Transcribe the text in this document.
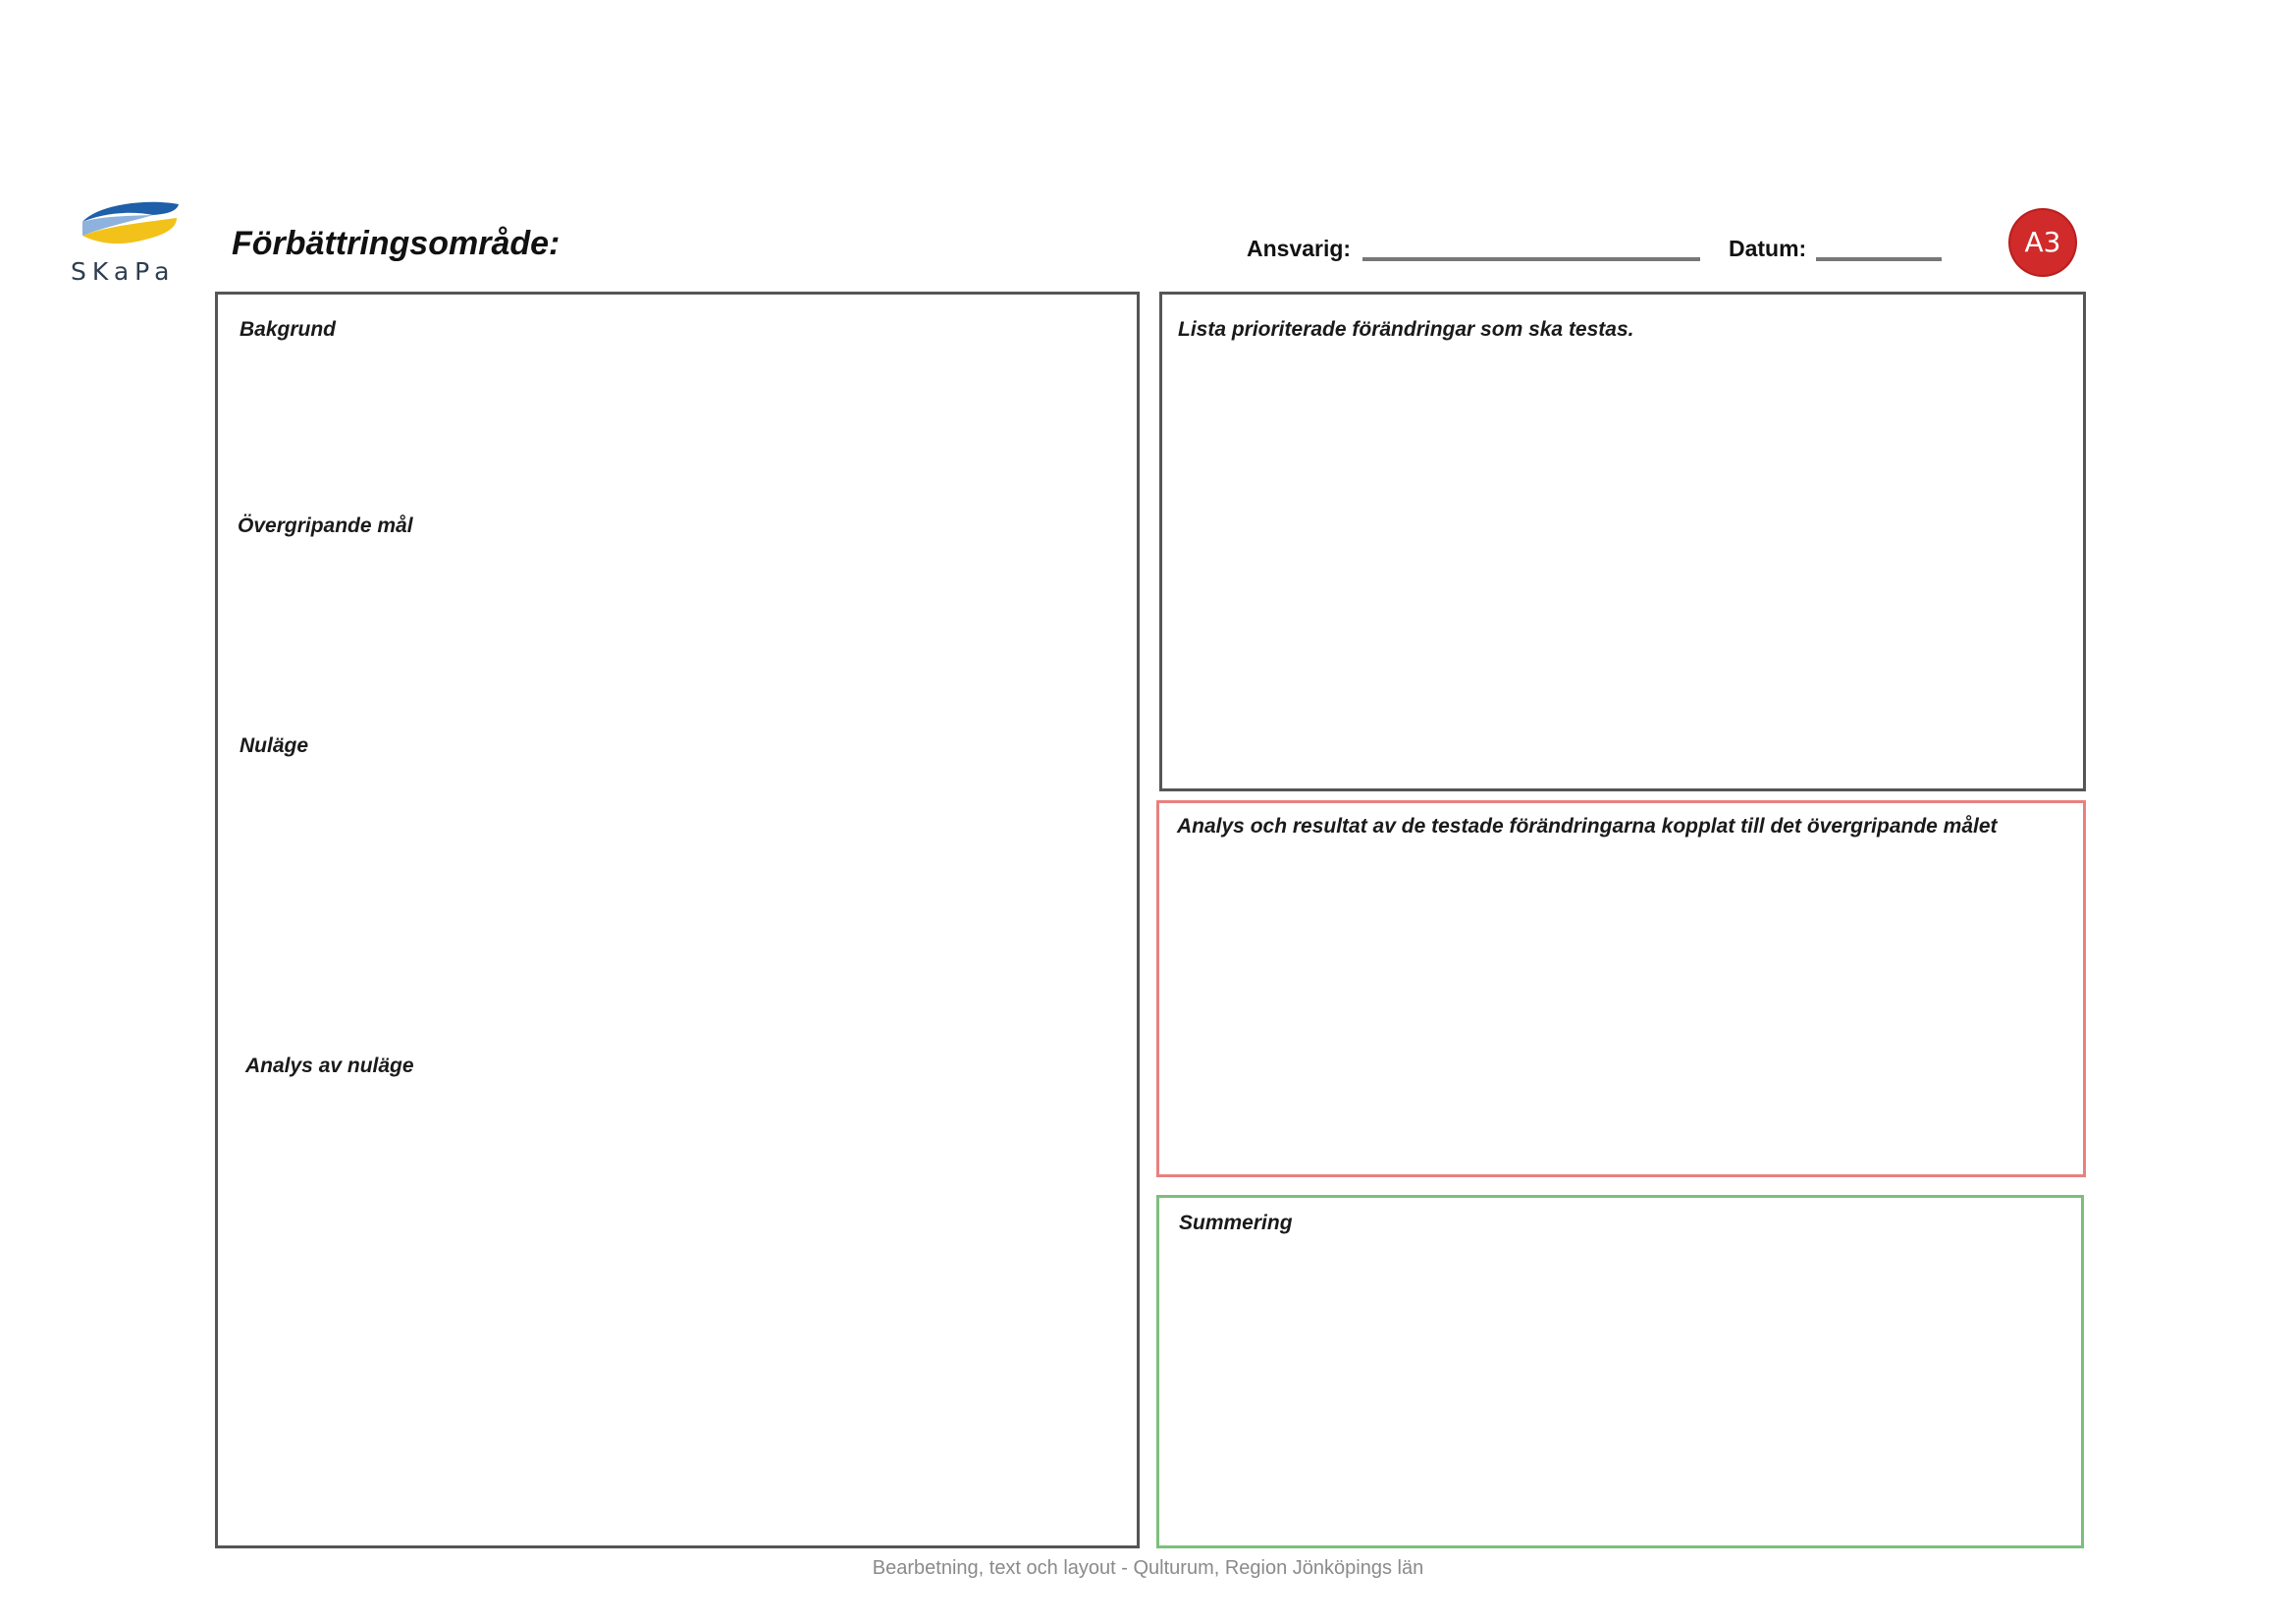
SKaPa
Förbättringsområde:	Ansvarig:	Datum:	A3
Bakgrund
Övergripande mål
Nuläge
Analys av nuläge
Lista prioriterade förändringar som ska testas.
Analys och resultat av de testade förändringarna kopplat till det övergripande målet
Summering
Bearbetning, text och layout - Qulturum, Region Jönköpings län
